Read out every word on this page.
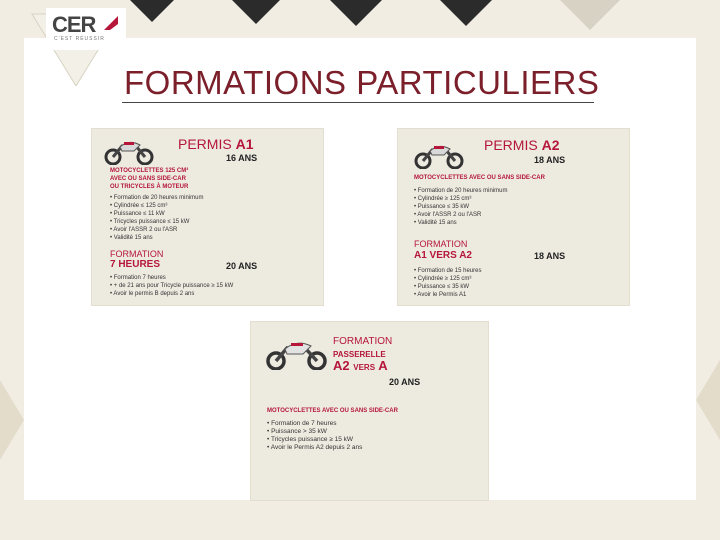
CER
C'EST RÉUSSIR
FORMATIONS PARTICULIERS
PERMIS A1
16 ANS
MOTOCYCLETTES 125 CM³
AVEC OU SANS SIDE-CAR
OU TRICYCLES À MOTEUR
• Formation de 20 heures minimum
• Cylindrée ≤ 125 cm³
• Puissance ≤ 11 kW
• Tricycles puissance ≤ 15 kW
• Avoir l'ASSR 2 ou l'ASR
• Validité 15 ans
FORMATION
7 HEURES	20 ANS
• Formation 7 heures
• + de 21 ans pour Tricycle puissance ≥ 15 kW
• Avoir le permis B depuis 2 ans
PERMIS A2
18 ANS
MOTOCYCLETTES AVEC OU SANS SIDE-CAR
• Formation de 20 heures minimum
• Cylindrée ≥ 125 cm³
• Puissance ≤ 35 kW
• Avoir l'ASSR 2 ou l'ASR
• Validité 15 ans
FORMATION
A1 VERS A2	18 ANS
• Formation de 15 heures
• Cylindrée ≥ 125 cm³
• Puissance ≤ 35 kW
• Avoir le Permis A1
FORMATION
PASSERELLE
A2 VERS A
20 ANS
MOTOCYCLETTES AVEC OU SANS SIDE-CAR
• Formation de 7 heures
• Puissance > 35 kW
• Tricycles puissance ≥ 15 kW
• Avoir le Permis A2 depuis 2 ans
